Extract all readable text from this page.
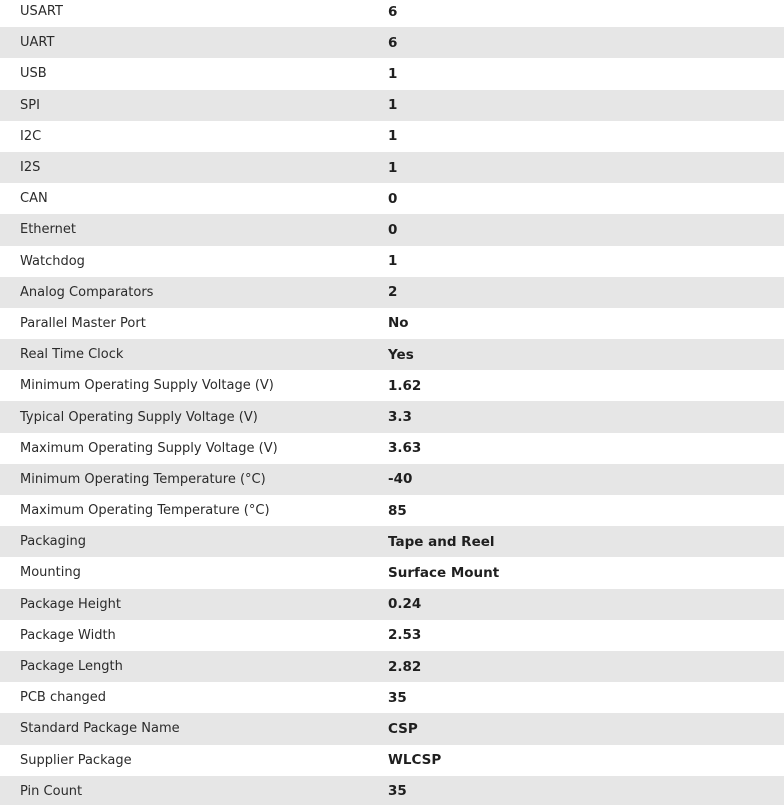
USART	6
UART	6
USB	1
SPI	1
I2C	1
I2S	1
CAN	0
Ethernet	0
Watchdog	1
Analog Comparators	2
Parallel Master Port	No
Real Time Clock	Yes
Minimum Operating Supply Voltage (V)	1.62
Typical Operating Supply Voltage (V)	3.3
Maximum Operating Supply Voltage (V)	3.63
Minimum Operating Temperature (°C)	-40
Maximum Operating Temperature (°C)	85
Packaging	Tape and Reel
Mounting	Surface Mount
Package Height	0.24
Package Width	2.53
Package Length	2.82
PCB changed	35
Standard Package Name	CSP
Supplier Package	WLCSP
Pin Count	35
